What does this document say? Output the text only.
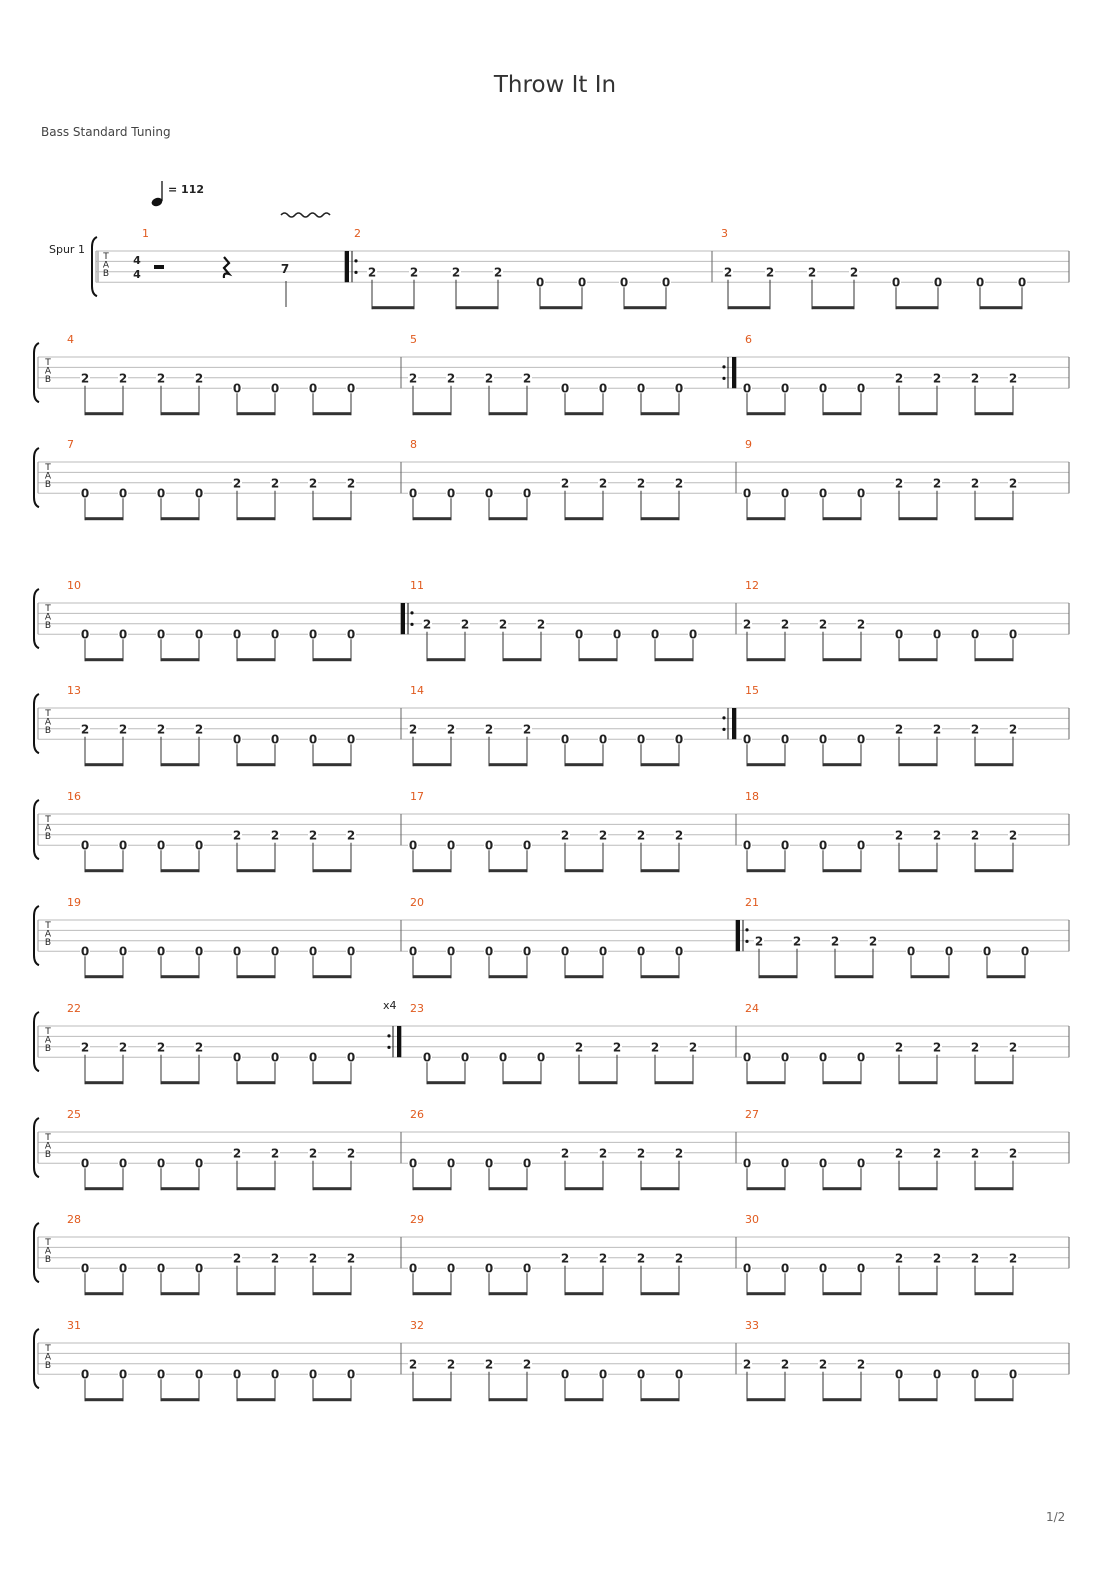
Throw It In
Bass Standard Tuning
1/2
= 112
Spur 1
T
A
B
1
4
4	7
2
2	2	2	2
0	0	0	0
3
2	2	2	2
0	0	0	0
T
A
B
4
2 2 2 2
0 0 0 0
5
2 2 2 2
0 0 0 0
6
0 0 0 0
2 2 2 2
T
A
B
7
0 0 0 0
2 2 2 2
8
0 0 0 0
2 2 2 2
9
0 0 0 0
2 2 2 2
T
A
B
10
0 0 0 0 0 0 0 0
11
2 2 2 2
0 0 0 0
12
2 2 2 2
0 0 0 0
T
A
B
13
2 2 2 2
0 0 0 0
14
2 2 2 2
0 0 0 0
15
0 0 0 0
2 2 2 2
T
A
B
16
0 0 0 0
2 2 2 2
17
0 0 0 0
2 2 2 2
18
0 0 0 0
2 2 2 2
T
A
B
19
0 0 0 0 0 0 0 0
20
0 0 0 0 0 0 0 0
21
2 2 2 2
0 0 0 0
T
A
B
22
2 2 2 2
0 0 0 0
23
x4
0 0 0 0
2 2 2 2
24
0 0 0 0
2 2 2 2
T
A
B
25
0 0 0 0
2 2 2 2
26
0 0 0 0
2 2 2 2
27
0 0 0 0
2 2 2 2
T
A
B
28
0 0 0 0
2 2 2 2
29
0 0 0 0
2 2 2 2
30
0 0 0 0
2 2 2 2
T
A
B
31
0 0 0 0 0 0 0 0
32
2 2 2 2
0 0 0 0
33
2 2 2 2
0 0 0 0
